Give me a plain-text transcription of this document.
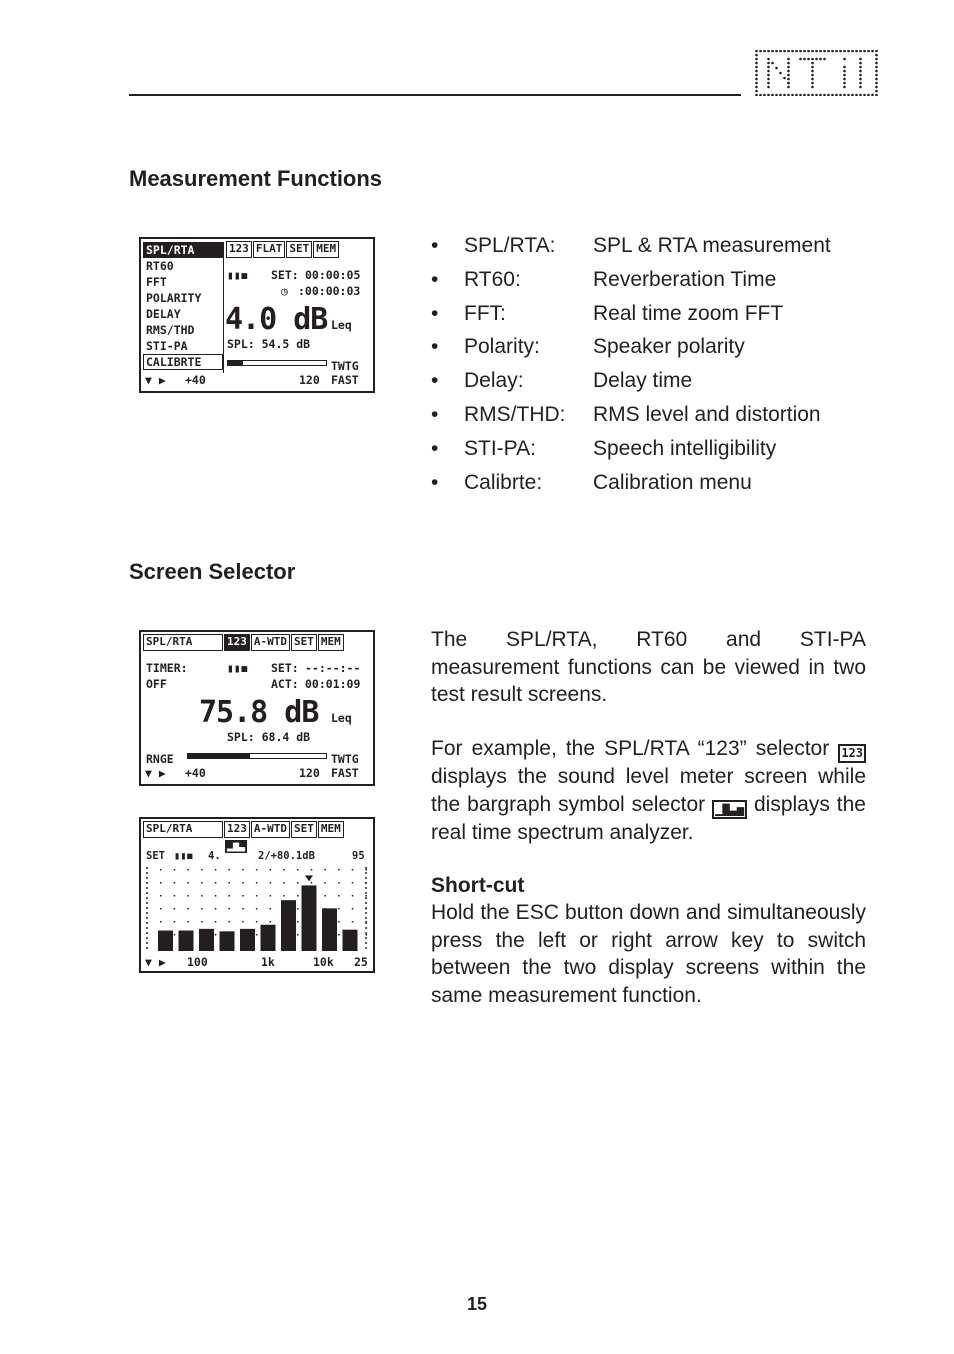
Measurement Functions
SPL/RTA
RT60
FFT
POLARITY
DELAY
RMS/THD
STI-PA
CALIBRTE
123 FLAT SET MEM
▮▮◼ SET: 00:00:05
◷ :00:00:03
4.0 dB Leq
SPL: 54.5 dB
TWTG
▼ ▶ +40	120 FAST
• SPL/RTA: SPL & RTA measurement
• RT60:	Reverberation Time
• FFT:	Real time zoom FFT
• Polarity:	Speaker polarity
• Delay:	Delay time
• RMS/THD: RMS level and distortion
• STI-PA:	Speech intelligibility
• Calibrte: Calibration menu
Screen Selector
SPL/RTA	123 A-WTD SET MEM
TIMER:	▮▮◼ SET: --:--:--
OFF	ACT: 00:01:09
75.8 dB Leq
SPL: 68.4 dB
RNGE	TWTG
▼ ▶ +40	120 FAST
SPL/RTA	123 A-WTD SET MEM
SET ▮▮◼ 4.
▂▆▃
2/+80.1dB	95
▼ ▶ 100	1k	10k 25

The SPL/RTA, RT60 and STI-PA measurement functions can be viewed in two test result screens.

For example, the SPL/RTA “123” selector 123 displays the sound level meter screen while the bargraph symbol selector ▁▇▃▅ displays the real time spectrum analyzer.

Short-cut

Hold the ESC button down and simultaneously press the left or right arrow key to switch between the two display screens within the same measurement function.

15
